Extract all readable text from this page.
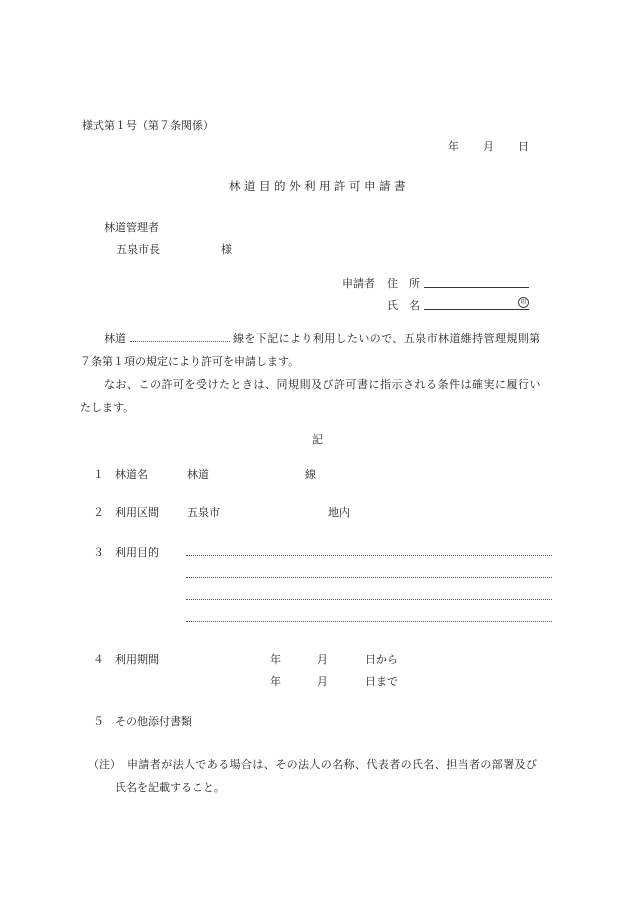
様式第１号（第７条関係）
年 月 日
林道目的外利用許可申請書
林道管理者
五泉市長	様
申請者 住　所
氏　名	印
林道	線を下記により利用したいので、五泉市林道維持管理規則第
７条第１項の規定により許可を申請します。
なお、この許可を受けたときは、同規則及び許可書に指示される条件は確実に履行い
たします。
記
１ 林道名	林道	線
２ 利用区間	五泉市	地内
３ 利用目的
４ 利用期間	年	月	日から
年	月	日まで
５ その他添付書類
（注） 申請者が法人である場合は、その法人の名称、代表者の氏名、担当者の部署及び
氏名を記載すること。
